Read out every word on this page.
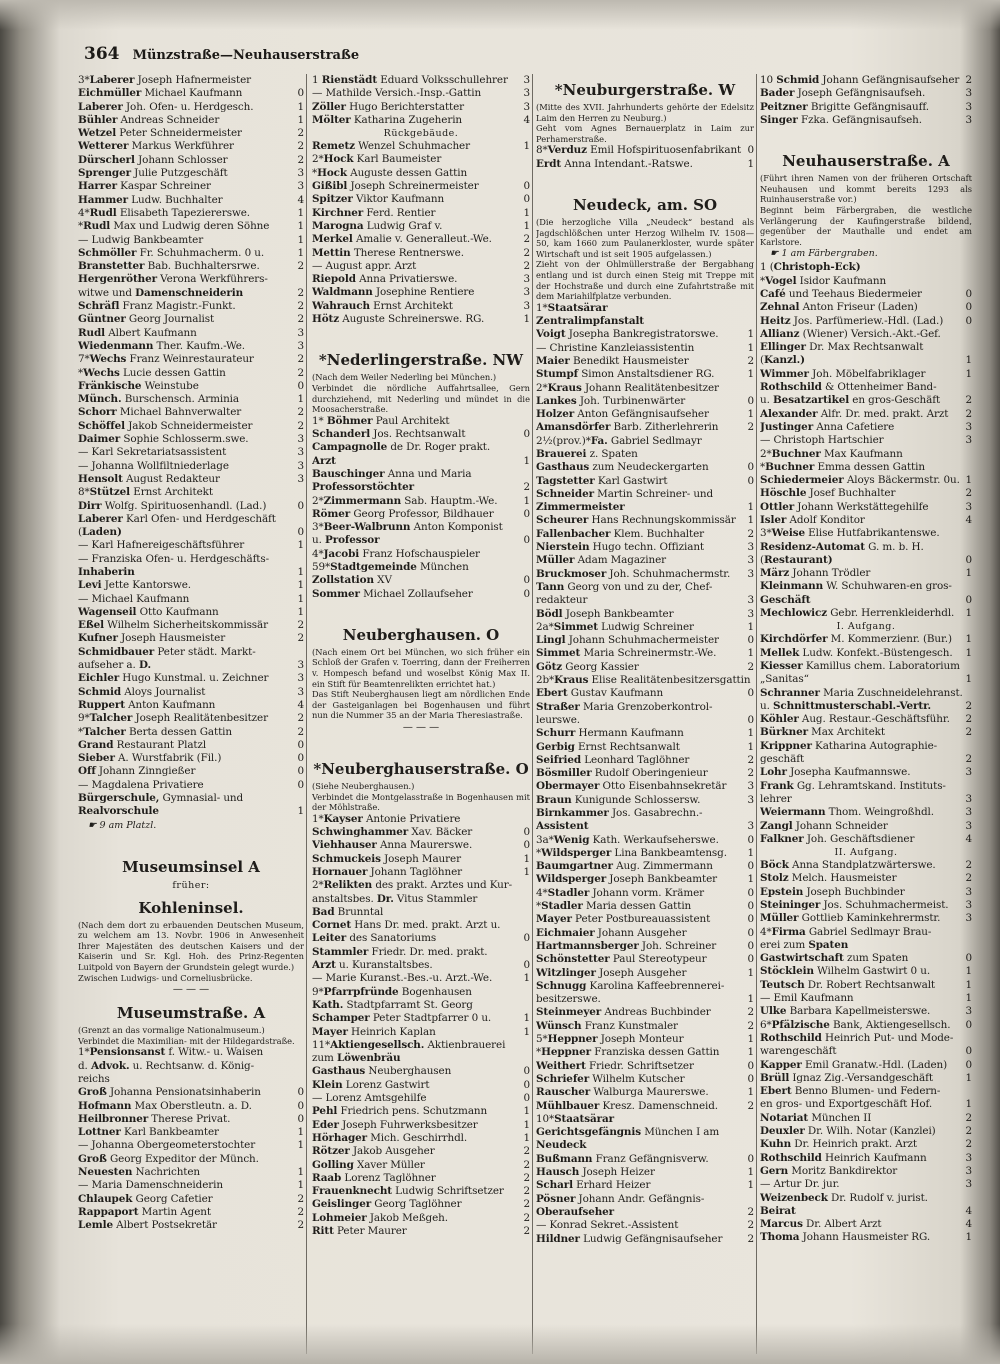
364 Münzstraße—Neuhauserstraße
3*Laberer Joseph Hafnermeister
Eichmüller Michael Kaufmann	0
Laberer Joh. Ofen- u. Herdgesch.	1
Bühler Andreas Schneider	1
Wetzel Peter Schneidermeister	2
Wetterer Markus Werkführer	2
Dürscherl Johann Schlosser	2
Sprenger Julie Putzgeschäft	3
Harrer Kaspar Schreiner	3
Hammer Ludw. Buchhalter	4
4*Rudl Elisabeth Tapeziererswe.	1
*Rudl Max und Ludwig deren Söhne	1
— Ludwig Bankbeamter	1
Schmöller Fr. Schuhmacherm. 0 u.	1
Branstetter Bab. Buchhaltersrwe.	2
Hergenröther Verona Werkführers-
witwe und Damenschneiderin	2
Schräfl Franz Magistr.-Funkt.	2
Güntner Georg Journalist	2
Rudl Albert Kaufmann	3
Wiedenmann Ther. Kaufm.-We.	3
7*Wechs Franz Weinrestaurateur	2
*Wechs Lucie dessen Gattin	2
Fränkische Weinstube	0
Münch. Burschensch. Arminia	1
Schorr Michael Bahnverwalter	2
Schöffel Jakob Schneidermeister	2
Daimer Sophie Schlosserm.swe.	3
— Karl Sekretariatsassistent	3
— Johanna Wollfiltniederlage	3
Hensolt August Redakteur	3
8*Stützel Ernst Architekt
Dirr Wolfg. Spirituosenhandl. (Lad.)	0
Laberer Karl Ofen- und Herdgeschäft
(Laden)	0
— Karl Hafnereigeschäftsführer	1
— Franziska Ofen- u. Herdgeschäfts-
Inhaberin	1
Levi Jette Kantorswe.	1
— Michael Kaufmann	1
Wagenseil Otto Kaufmann	1
Eßel Wilhelm Sicherheitskommissär	2
Kufner Joseph Hausmeister	2
Schmidbauer Peter städt. Markt-
aufseher a. D.	3
Eichler Hugo Kunstmal. u. Zeichner	3
Schmid Aloys Journalist	3
Ruppert Anton Kaufmann	4
9*Talcher Joseph Realitätenbesitzer	2
*Talcher Berta dessen Gattin	2
Grand Restaurant Platzl	0
Sieber A. Wurstfabrik (Fil.)	0
Off Johann Zinngießer	0
— Magdalena Privatiere	0
Bürgerschule, Gymnasial- und
Realvorschule	1
☛ 9 am Platzl.
Museumsinsel A
früher:
Kohleninsel.
(Nach dem dort zu erbauenden Deutschen Museum, zu welchem am 13. Novbr. 1906 in Anwesenheit Ihrer Majestäten des deutschen Kaisers und der Kaiserin und Sr. Kgl. Hoh. des Prinz-Regenten Luitpold von Bayern der Grundstein gelegt wurde.)
Zwischen Ludwigs- und Corneliusbrücke.
— — —
Museumstraße. A
(Grenzt an das vormalige Nationalmuseum.)
Verbindet die Maximilian- mit der Hildegardstraße.
1*Pensionsanst f. Witw.- u. Waisen
d. Advok. u. Rechtsanw. d. König-
reichs
Groß Johanna Pensionatsinhaberin	0
Hofmann Max Oberstleutn. a. D.	0
Heilbronner Therese Privat.	0
Lottner Karl Bankbeamter	1
— Johanna Obergeometerstochter	1
Groß Georg Expeditor der Münch.
Neuesten Nachrichten	1
— Maria Damenschneiderin	1
Chlaupek Georg Cafetier	2
Rappaport Martin Agent	2
Lemle Albert Postsekretär	2
1 Rienstädt Eduard Volksschullehrer 3
— Mathilde Versich.-Insp.-Gattin	3
Zöller Hugo Berichterstatter	3
Mölter Katharina Zugeherin	4
Rückgebäude.
Remetz Wenzel Schuhmacher	1
2*Hock Karl Baumeister
*Hock Auguste dessen Gattin
Gißibl Joseph Schreinermeister	0
Spitzer Viktor Kaufmann	0
Kirchner Ferd. Rentier	1
Marogna Ludwig Graf v.	1
Merkel Amalie v. Generalleut.-We.	2
Mettin Therese Rentnerswe.	2
— August appr. Arzt	2
Riepold Anna Privatierswe.	3
Waldmann Josephine Rentiere	3
Wahrauch Ernst Architekt	3
Hötz Auguste Schreinerswe. RG.	1
*Nederlingerstraße. NW
(Nach dem Weiler Nederling bei München.)
Verbindet die nördliche Auffahrtsallee, Gern durchziehend, mit Nederling und mündet in die Moosacherstraße.
1* Böhmer Paul Architekt
Schanderl Jos. Rechtsanwalt	0
Campagnolle de Dr. Roger prakt.
Arzt	1
Bauschinger Anna und Maria
Professorstöchter	2
2*Zimmermann Sab. Hauptm.-We.	1
Römer Georg Professor, Bildhauer	0
3*Beer-Walbrunn Anton Komponist
u. Professor	0
4*Jacobi Franz Hofschauspieler
59*Stadtgemeinde München
Zollstation XV	0
Sommer Michael Zollaufseher	0
Neuberghausen. O
(Nach einem Ort bei München, wo sich früher ein Schloß der Grafen v. Toerring, dann der Freiherren v. Hompesch befand und woselbst König Max II. ein Stift für Beamtenrelikten errichtet hat.)
Das Stift Neuberghausen liegt am nördlichen Ende der Gasteiganlagen bei Bogenhausen und führt nun die Nummer 35 an der Maria Theresiastraße.
— — —
*Neuberghauserstraße. O
(Siehe Neuberghausen.)
Verbindet die Montgelasstraße in Bogenhausen mit der Möhlstraße.
1*Kayser Antonie Privatiere
Schwinghammer Xav. Bäcker	0
Viehhauser Anna Maurerswe.	0
Schmuckeis Joseph Maurer	1
Hornauer Johann Taglöhner	1
2*Relikten des prakt. Arztes und Kur-
anstaltsbes. Dr. Vitus Stammler
Bad Brunntal
Cornet Hans Dr. med. prakt. Arzt u.
Leiter des Sanatoriums	0
Stammler Friedr. Dr. med. prakt.
Arzt u. Kuranstaltsbes.	0
— Marie Kuranst.-Bes.-u. Arzt.-We.	1
9*Pfarrpfründe Bogenhausen
Kath. Stadtpfarramt St. Georg
Schamper Peter Stadtpfarrer 0 u.	1
Mayer Heinrich Kaplan	1
11*Aktiengesellsch. Aktienbrauerei
zum Löwenbräu
Gasthaus Neuberghausen	0
Klein Lorenz Gastwirt	0
— Lorenz Amtsgehilfe	0
Pehl Friedrich pens. Schutzmann	1
Eder Joseph Fuhrwerksbesitzer	1
Hörhager Mich. Geschirrhdl.	1
Rötzer Jakob Ausgeher	2
Golling Xaver Müller	2
Raab Lorenz Taglöhner	2
Frauenknecht Ludwig Schriftsetzer 2
Geislinger Georg Taglöhner	2
Lohmeier Jakob Meßgeh.	2
Ritt Peter Maurer	2
*Neuburgerstraße. W
(Mitte des XVII. Jahrhunderts gehörte der Edelsitz Laim den Herren zu Neuburg.)
Geht vom Agnes Bernauerplatz in Laim zur Perhamerstraße.
8*Verduz Emil Hofspirituosenfabrikant 0
Erdt Anna Intendant.-Ratswe.	1
Neudeck, am. SO
(Die herzogliche Villa „Neudeck“ bestand als Jagdschlößchen unter Herzog Wilhelm IV. 1508—50, kam 1660 zum Paulanerkloster, wurde später Wirtschaft und ist seit 1905 aufgelassen.)
Zieht von der Ohlmüllerstraße der Bergabhang entlang und ist durch einen Steig mit Treppe mit der Hochstraße und durch eine Zufahrtstraße mit dem Mariahilfplatze verbunden.
1*Staatsärar
Zentralimpfanstalt
Voigt Josepha Bankregistratorswe.	1
— Christine Kanzleiassistentin	1
Maier Benedikt Hausmeister	2
Stumpf Simon Anstaltsdiener RG.	1
2*Kraus Johann Realitätenbesitzer
Lankes Joh. Turbinenwärter	0
Holzer Anton Gefängnisaufseher	1
Amansdörfer Barb. Zitherlehrerin	2
2½(prov.)*Fa. Gabriel Sedlmayr
Brauerei z. Spaten
Gasthaus zum Neudeckergarten	0
Tagstetter Karl Gastwirt	0
Schneider Martin Schreiner- und
Zimmermeister	1
Scheurer Hans Rechnungskommissär 1
Fallenbacher Klem. Buchhalter	2
Nierstein Hugo techn. Offiziant	3
Müller Adam Magaziner	3
Bruckmoser Joh. Schuhmachermstr. 3
Tann Georg von und zu der, Chef-
redakteur	3
Bödl Joseph Bankbeamter	3
2a*Simmet Ludwig Schreiner	1
Lingl Johann Schuhmachermeister	0
Simmet Maria Schreinermstr.-We.	1
Götz Georg Kassier	2
2b*Kraus Elise Realitätenbesitzersgattin
Ebert Gustav Kaufmann	0
Straßer Maria Grenzoberkontrol-
leurswe.	0
Schurr Hermann Kaufmann	1
Gerbig Ernst Rechtsanwalt	1
Seifried Leonhard Taglöhner	2
Bösmiller Rudolf Oberingenieur	2
Obermayer Otto Eisenbahnsekretär 3
Braun Kunigunde Schlossersw.	3
Birnkammer Jos. Gasabrechn.-
Assistent	3
3a*Wenig Kath. Werkaufseherswe.	0
*Wildsperger Lina Bankbeamtensg. 1
Baumgartner Aug. Zimmermann	0
Wildsperger Joseph Bankbeamter	1
4*Stadler Johann vorm. Krämer	0
*Stadler Maria dessen Gattin	0
Mayer Peter Postbureauassistent	0
Eichmaier Johann Ausgeher	0
Hartmannsberger Joh. Schreiner	0
Schönstetter Paul Stereotypeur	0
Witzlinger Joseph Ausgeher	1
Schnugg Karolina Kaffeebrennerei-
besitzerswe.	1
Steinmeyer Andreas Buchbinder	2
Wünsch Franz Kunstmaler	2
5*Heppner Joseph Monteur	1
*Heppner Franziska dessen Gattin	1
Weithert Friedr. Schriftsetzer	0
Schriefer Wilhelm Kutscher	0
Rauscher Walburga Maurerswe.	1
Mühlbauer Kresz. Damenschneid.	2
10*Staatsärar
Gerichtsgefängnis München I am
Neudeck
Bußmann Franz Gefängnisverw.	0
Hausch Joseph Heizer	1
Scharl Erhard Heizer	1
Pösner Johann Andr. Gefängnis-
Oberaufseher	2
— Konrad Sekret.-Assistent	2
Hildner Ludwig Gefängnisaufseher 2
10 Schmid Johann Gefängnisaufseher 2
Bader Joseph Gefängnisaufseh.	3
Peitzner Brigitte Gefängnisauff.	3
Singer Fzka. Gefängnisaufseh.	3
Neuhauserstraße. A
(Führt ihren Namen von der früheren Ortschaft Neuhausen und kommt bereits 1293 als Ruinhauserstraße vor.)
Beginnt beim Färbergraben, die westliche Verlängerung der Kaufingerstraße bildend, gegenüber der Mauthalle und endet am Karlstore.
☛ 1 am Färbergraben.
1 (Christoph-Eck)
*Vogel Isidor Kaufmann
Café und Teehaus Biedermeier	0
Zehnal Anton Friseur (Laden)	0
Heitz Jos. Parfümeriew.-Hdl. (Lad.) 0
Allianz (Wiener) Versich.-Akt.-Gef.
Ellinger Dr. Max Rechtsanwalt
(Kanzl.)	1
Wimmer Joh. Möbelfabriklager	1
Rothschild & Ottenheimer Band-
u. Besatzartikel en gros-Geschäft 2
Alexander Alfr. Dr. med. prakt. Arzt 2
Justinger Anna Cafetiere	3
— Christoph Hartschier	3
2*Buchner Max Kaufmann
*Buchner Emma dessen Gattin
Schiedermeier Aloys Bäckermstr. 0u. 1
Höschle Josef Buchhalter	2
Ottler Johann Werkstättegehilfe	3
Isler Adolf Konditor	4
3*Weise Elise Hutfabrikantenswe.
Residenz-Automat G. m. b. H.
(Restaurant)	0
März Johann Trödler	1
Kleinmann W. Schuhwaren-en gros-
Geschäft	0
Mechlowicz Gebr. Herrenkleiderhdl. 1
I. Aufgang.
Kirchdörfer M. Kommerzienr. (Bur.) 1
Mellek Ludw. Konfekt.-Büstengesch. 1
Kiesser Kamillus chem. Laboratorium
„Sanitas“	1
Schranner Maria Zuschneidelehranst.
u. Schnittmusterschabl.-Vertr.	2
Köhler Aug. Restaur.-Geschäftsführ. 2
Bürkner Max Architekt	2
Krippner Katharina Autographie-
geschäft	2
Lohr Josepha Kaufmannswe.	3
Frank Gg. Lehramtskand. Instituts-
lehrer	3
Weiermann Thom. Weingroßhdl.	3
Zangl Johann Schneider	3
Falkner Joh. Geschäftsdiener	4
II. Aufgang.
Böck Anna Standplatzwärterswe.	2
Stolz Melch. Hausmeister	2
Epstein Joseph Buchbinder	3
Steininger Jos. Schuhmachermeist. 3
Müller Gottlieb Kaminkehrermstr. 3
4*Firma Gabriel Sedlmayr Brau-
erei zum Spaten
Gastwirtschaft zum Spaten	0
Stöcklein Wilhelm Gastwirt 0 u.	1
Teutsch Dr. Robert Rechtsanwalt	1
— Emil Kaufmann	1
Ulke Barbara Kapellmeisterswe.	3
6*Pfälzische Bank, Aktiengesellsch. 0
Rothschild Heinrich Put- und Mode-
warengeschäft	0
Kapper Emil Granatw.-Hdl. (Laden) 0
Brüll Ignaz Zig.-Versandgeschäft	1
Ebert Benno Blumen- und Federn-
en gros- und Exportgeschäft Hof.	1
Notariat München II	2
Deuxler Dr. Wilh. Notar (Kanzlei)	2
Kuhn Dr. Heinrich prakt. Arzt	2
Rothschild Heinrich Kaufmann	3
Gern Moritz Bankdirektor	3
— Artur Dr. jur.	3
Weizenbeck Dr. Rudolf v. jurist.
Beirat	4
Marcus Dr. Albert Arzt	4
Thoma Johann Hausmeister RG.	1
